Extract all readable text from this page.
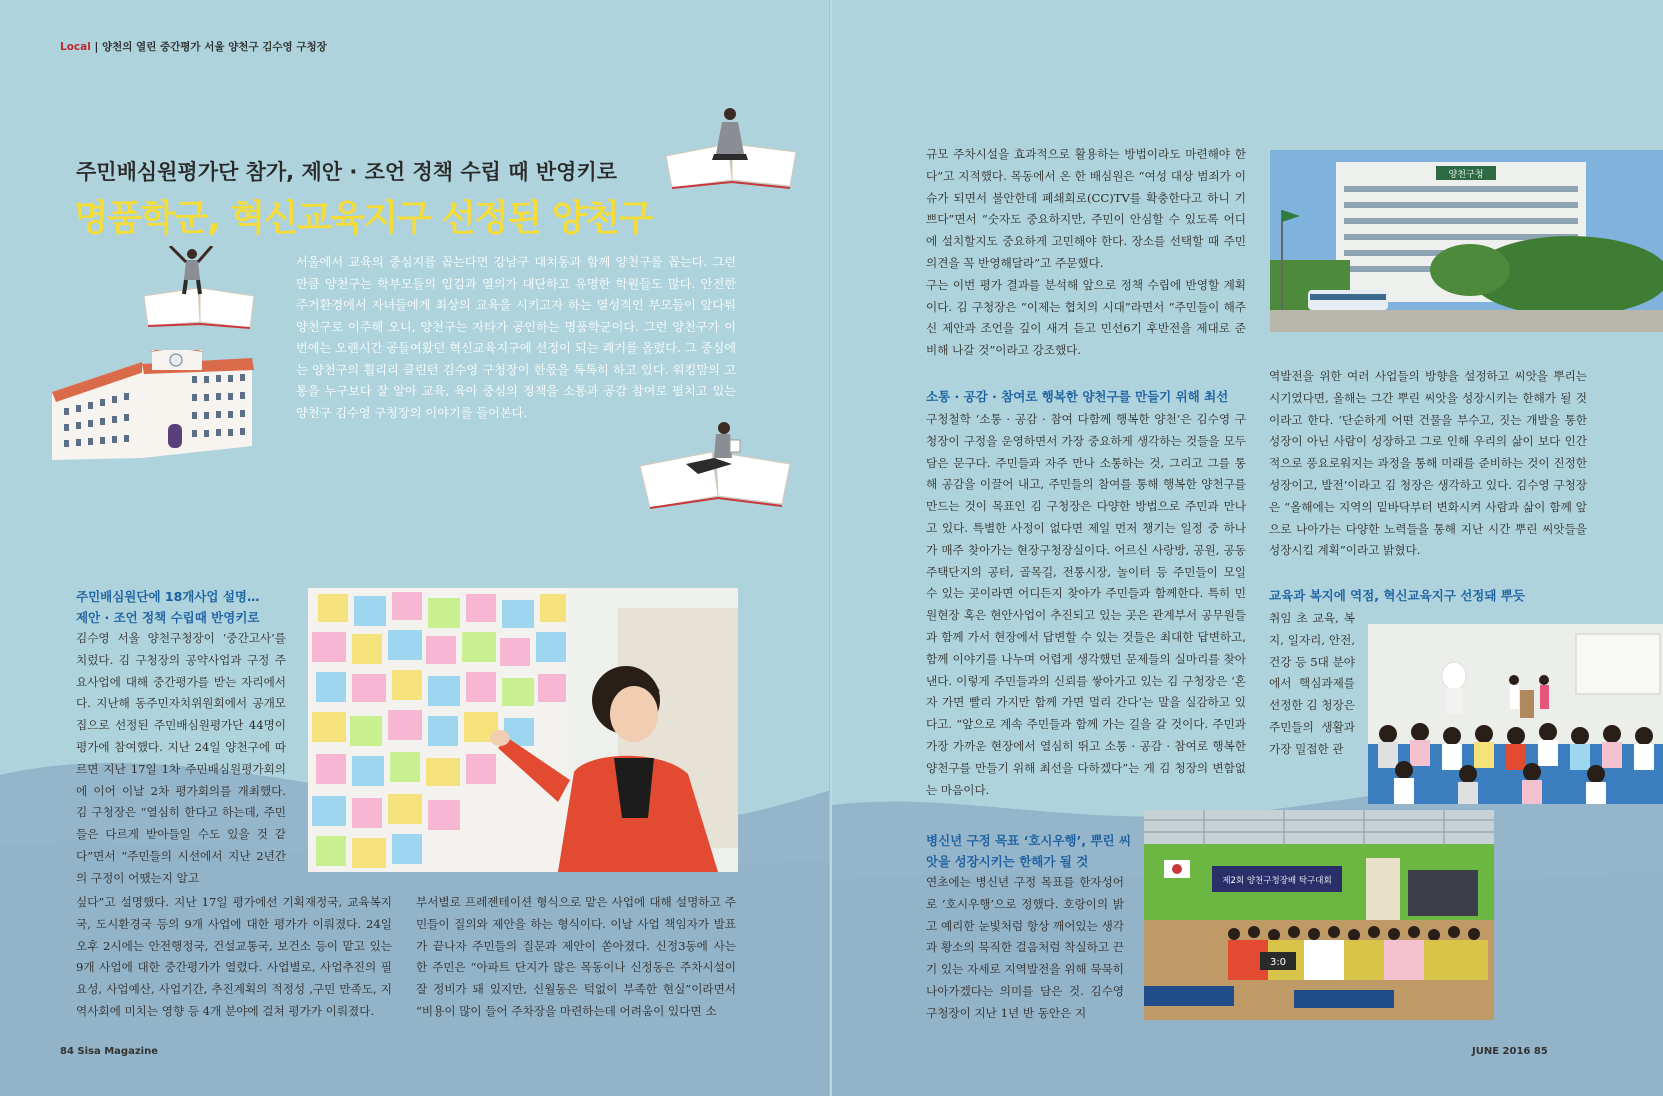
Local | 양천의 열린 중간평가 서울 양천구 김수영 구청장
주민배심원평가단 참가, 제안 · 조언 정책 수립 때 반영키로
명품학군, 혁신교육지구 선정된 양천구

서울에서 교육의 중심지를 꼽는다면 강남구 대치동과 함께 양천구를 꼽는다. 그런 만큼 양천구는 학부모들의 입김과 열의가 대단하고 유명한 학원들도 많다. 안전한 주거환경에서 자녀들에게 최상의 교육을 시키고자 하는 열성적인 부모들이 앞다퉈 양천구로 이주해 오니, 양천구는 자타가 공인하는 명품학군이다. 그런 양천구가 이번에는 오랜시간 공들여왔던 혁신교육지구에 선정이 되는 쾌거를 올렸다. 그 중심에는 양천구의 훨리리 클린턴 김수영 구청장이 한몫을 톡톡히 하고 있다. 워킹맘의 고통을 누구보다 잘 알아 교육, 육아 중심의 정책을 소통과 공감 참여로 펼치고 있는 양천구 김수영 구청장의 이야기를 들어본다.

주민배심원단에 18개사업 설명…
제안 · 조언 정책 수립때 반영키로

김수영 서울 양천구청장이 ‘중간고사’를 치렀다. 김 구청장의 공약사업과 구정 주요사업에 대해 중간평가를 받는 자리에서다. 지난해 동주민자치위원회에서 공개모집으로 선정된 주민배심원평가단 44명이 평가에 참여했다. 지난 24일 양천구에 따르면 지난 17일 1차 주민배심원평가회의에 이어 이날 2차 평가회의를 개최했다. 김 구청장은 “열심히 한다고 하는데, 주민들은 다르게 받아들일 수도 있을 것 같다”면서 “주민들의 시선에서 지난 2년간의 구정이 어땠는지 알고

싶다”고 설명했다. 지난 17일 평가에선 기획재정국, 교육복지국, 도시환경국 등의 9개 사업에 대한 평가가 이뤄졌다. 24일 오후 2시에는 안전행정국, 건설교통국, 보건소 등이 맡고 있는 9개 사업에 대한 중간평가가 열렸다. 사업별로, 사업추진의 필요성, 사업예산, 사업기간, 추진계획의 적정성 ,구민 만족도, 지역사회에 미치는 영향 등 4개 분야에 걸쳐 평가가 이뤄졌다.

부서별로 프레젠테이션 형식으로 맡은 사업에 대해 설명하고 주민들이 질의와 제안을 하는 형식이다. 이날 사업 책임자가 발표가 끝나자 주민들의 질문과 제안이 쏟아졌다. 신정3동에 사는 한 주민은 “아파트 단지가 많은 목동이나 신정동은 주차시설이 잘 정비가 돼 있지만, 신월동은 턱없이 부족한 현실”이라면서 “비용이 많이 들어 주차장을 마련하는데 어려움이 있다면 소

84 Sisa Magazine

규모 주차시설을 효과적으로 활용하는 방법이라도 마련해야 한다”고 지적했다. 목동에서 온 한 배심원은 “여성 대상 범죄가 이슈가 되면서 불안한데 폐쇄회로(CC)TV를 확충한다고 하니 기쁘다”면서 “숫자도 중요하지만, 주민이 안심할 수 있도록 어디에 설치할지도 중요하게 고민해야 한다. 장소를 선택할 때 주민 의견을 꼭 반영해달라”고 주문했다.

구는 이번 평가 결과를 분석해 앞으로 정책 수립에 반영할 계획이다. 김 구청장은 “이제는 협치의 시대”라면서 “주민들이 해주신 제안과 조언을 깊이 새겨 듣고 민선6기 후반전을 제대로 준비해 나갈 것”이라고 강조했다.

양천구청
소통 · 공감 · 참여로 행복한 양천구를 만들기 위해 최선

구청철학 ‘소통 · 공감 · 참여 다함께 행복한 양천’은 김수영 구청장이 구정을 운영하면서 가장 중요하게 생각하는 것들을 모두 담은 문구다. 주민들과 자주 만나 소통하는 것, 그리고 그를 통해 공감을 이끌어 내고, 주민들의 참여를 통해 행복한 양천구를 만드는 것이 목표인 김 구청장은 다양한 방법으로 주민과 만나고 있다. 특별한 사정이 없다면 제일 먼저 챙기는 일정 중 하나가 매주 찾아가는 현장구청장실이다. 어르신 사랑방, 공원, 공동주택단지의 공터, 골목길, 전통시장, 놀이터 등 주민들이 모일 수 있는 곳이라면 어디든지 찾아가 주민들과 함께한다. 특히 민원현장 혹은 현안사업이 추진되고 있는 곳은 관계부서 공무원들과 함께 가서 현장에서 답변할 수 있는 것들은 최대한 답변하고, 함께 이야기를 나누며 어렵게 생각했던 문제들의 실마리를 찾아낸다. 이렇게 주민들과의 신뢰를 쌓아가고 있는 김 구청장은 ‘혼자 가면 빨리 가지만 함께 가면 멀리 간다’는 말을 실감하고 있다고. “앞으로 계속 주민들과 함께 가는 길을 갈 것이다. 주민과 가장 가까운 현장에서 열심히 뛰고 소통 · 공감 · 참여로 행복한 양천구를 만들기 위해 최선을 다하겠다”는 게 김 청장의 변함없는 마음이다.

역발전을 위한 여러 사업들의 방향을 설정하고 씨앗을 뿌리는 시기였다면, 올해는 그간 뿌린 씨앗을 성장시키는 한해가 될 것이라고 한다. ‘단순하게 어떤 건물을 부수고, 짓는 개발을 통한 성장이 아닌 사람이 성장하고 그로 인해 우리의 삶이 보다 인간적으로 풍요로워지는 과정을 통해 미래를 준비하는 것이 진정한 성장이고, 발전’이라고 김 청장은 생각하고 있다. 김수영 구청장은 “올해에는 지역의 밑바닥부터 변화시켜 사람과 삶이 함께 앞으로 나아가는 다양한 노력들을 통해 지난 시간 뿌린 씨앗들을 성장시킬 계획”이라고 밝혔다.

교육과 복지에 역점, 혁신교육지구 선정돼 뿌듯

취임 초 교육, 복지, 일자리, 안전, 건강 등 5대 분야에서 핵심과제를 선정한 김 청장은 주민들의 생활과 가장 밀접한 관

병신년 구정 목표 ‘호시우행’, 뿌린 씨
앗을 성장시키는 한해가 될 것

연초에는 병신년 구정 목표를 한자성어로 ‘호시우행’으로 정했다. 호랑이의 밝고 예리한 눈빛처럼 항상 깨어있는 생각과 황소의 묵직한 걸음처럼 착실하고 끈기 있는 자세로 지역발전을 위해 묵묵히 나아가겠다는 의미를 담은 것. 김수영 구청장이 지난 1년 반 동안은 지

제2회 양천구청장배 탁구대회
3:0
JUNE 2016 85
